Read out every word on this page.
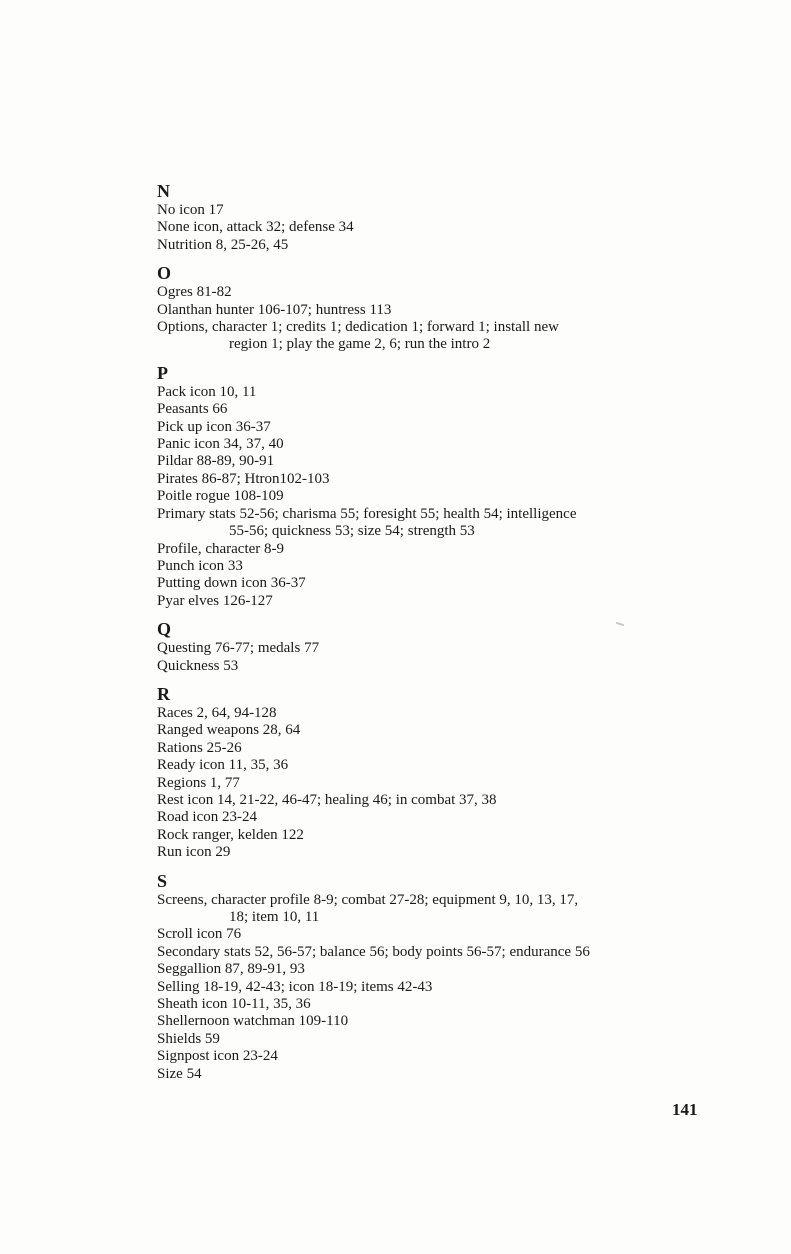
N
No icon 17
None icon, attack 32; defense 34
Nutrition 8, 25-26, 45
O
Ogres 81-82
Olanthan hunter 106-107; huntress 113
Options, character 1; credits 1; dedication 1; forward 1; install new
region 1; play the game 2, 6; run the intro 2
P
Pack icon 10, 11
Peasants 66
Pick up icon 36-37
Panic icon 34, 37, 40
Pildar 88-89, 90-91
Pirates 86-87; Htron102-103
Poitle rogue 108-109
Primary stats 52-56; charisma 55; foresight 55; health 54; intelligence
55-56; quickness 53; size 54; strength 53
Profile, character 8-9
Punch icon 33
Putting down icon 36-37
Pyar elves 126-127
Q
Questing 76-77; medals 77
Quickness 53
R
Races 2, 64, 94-128
Ranged weapons 28, 64
Rations 25-26
Ready icon 11, 35, 36
Regions 1, 77
Rest icon 14, 21-22, 46-47; healing 46; in combat 37, 38
Road icon 23-24
Rock ranger, kelden 122
Run icon 29
S
Screens, character profile 8-9; combat 27-28; equipment 9, 10, 13, 17,
18; item 10, 11
Scroll icon 76
Secondary stats 52, 56-57; balance 56; body points 56-57; endurance 56
Seggallion 87, 89-91, 93
Selling 18-19, 42-43; icon 18-19; items 42-43
Sheath icon 10-11, 35, 36
Shellernoon watchman 109-110
Shields 59
Signpost icon 23-24
Size 54
141
